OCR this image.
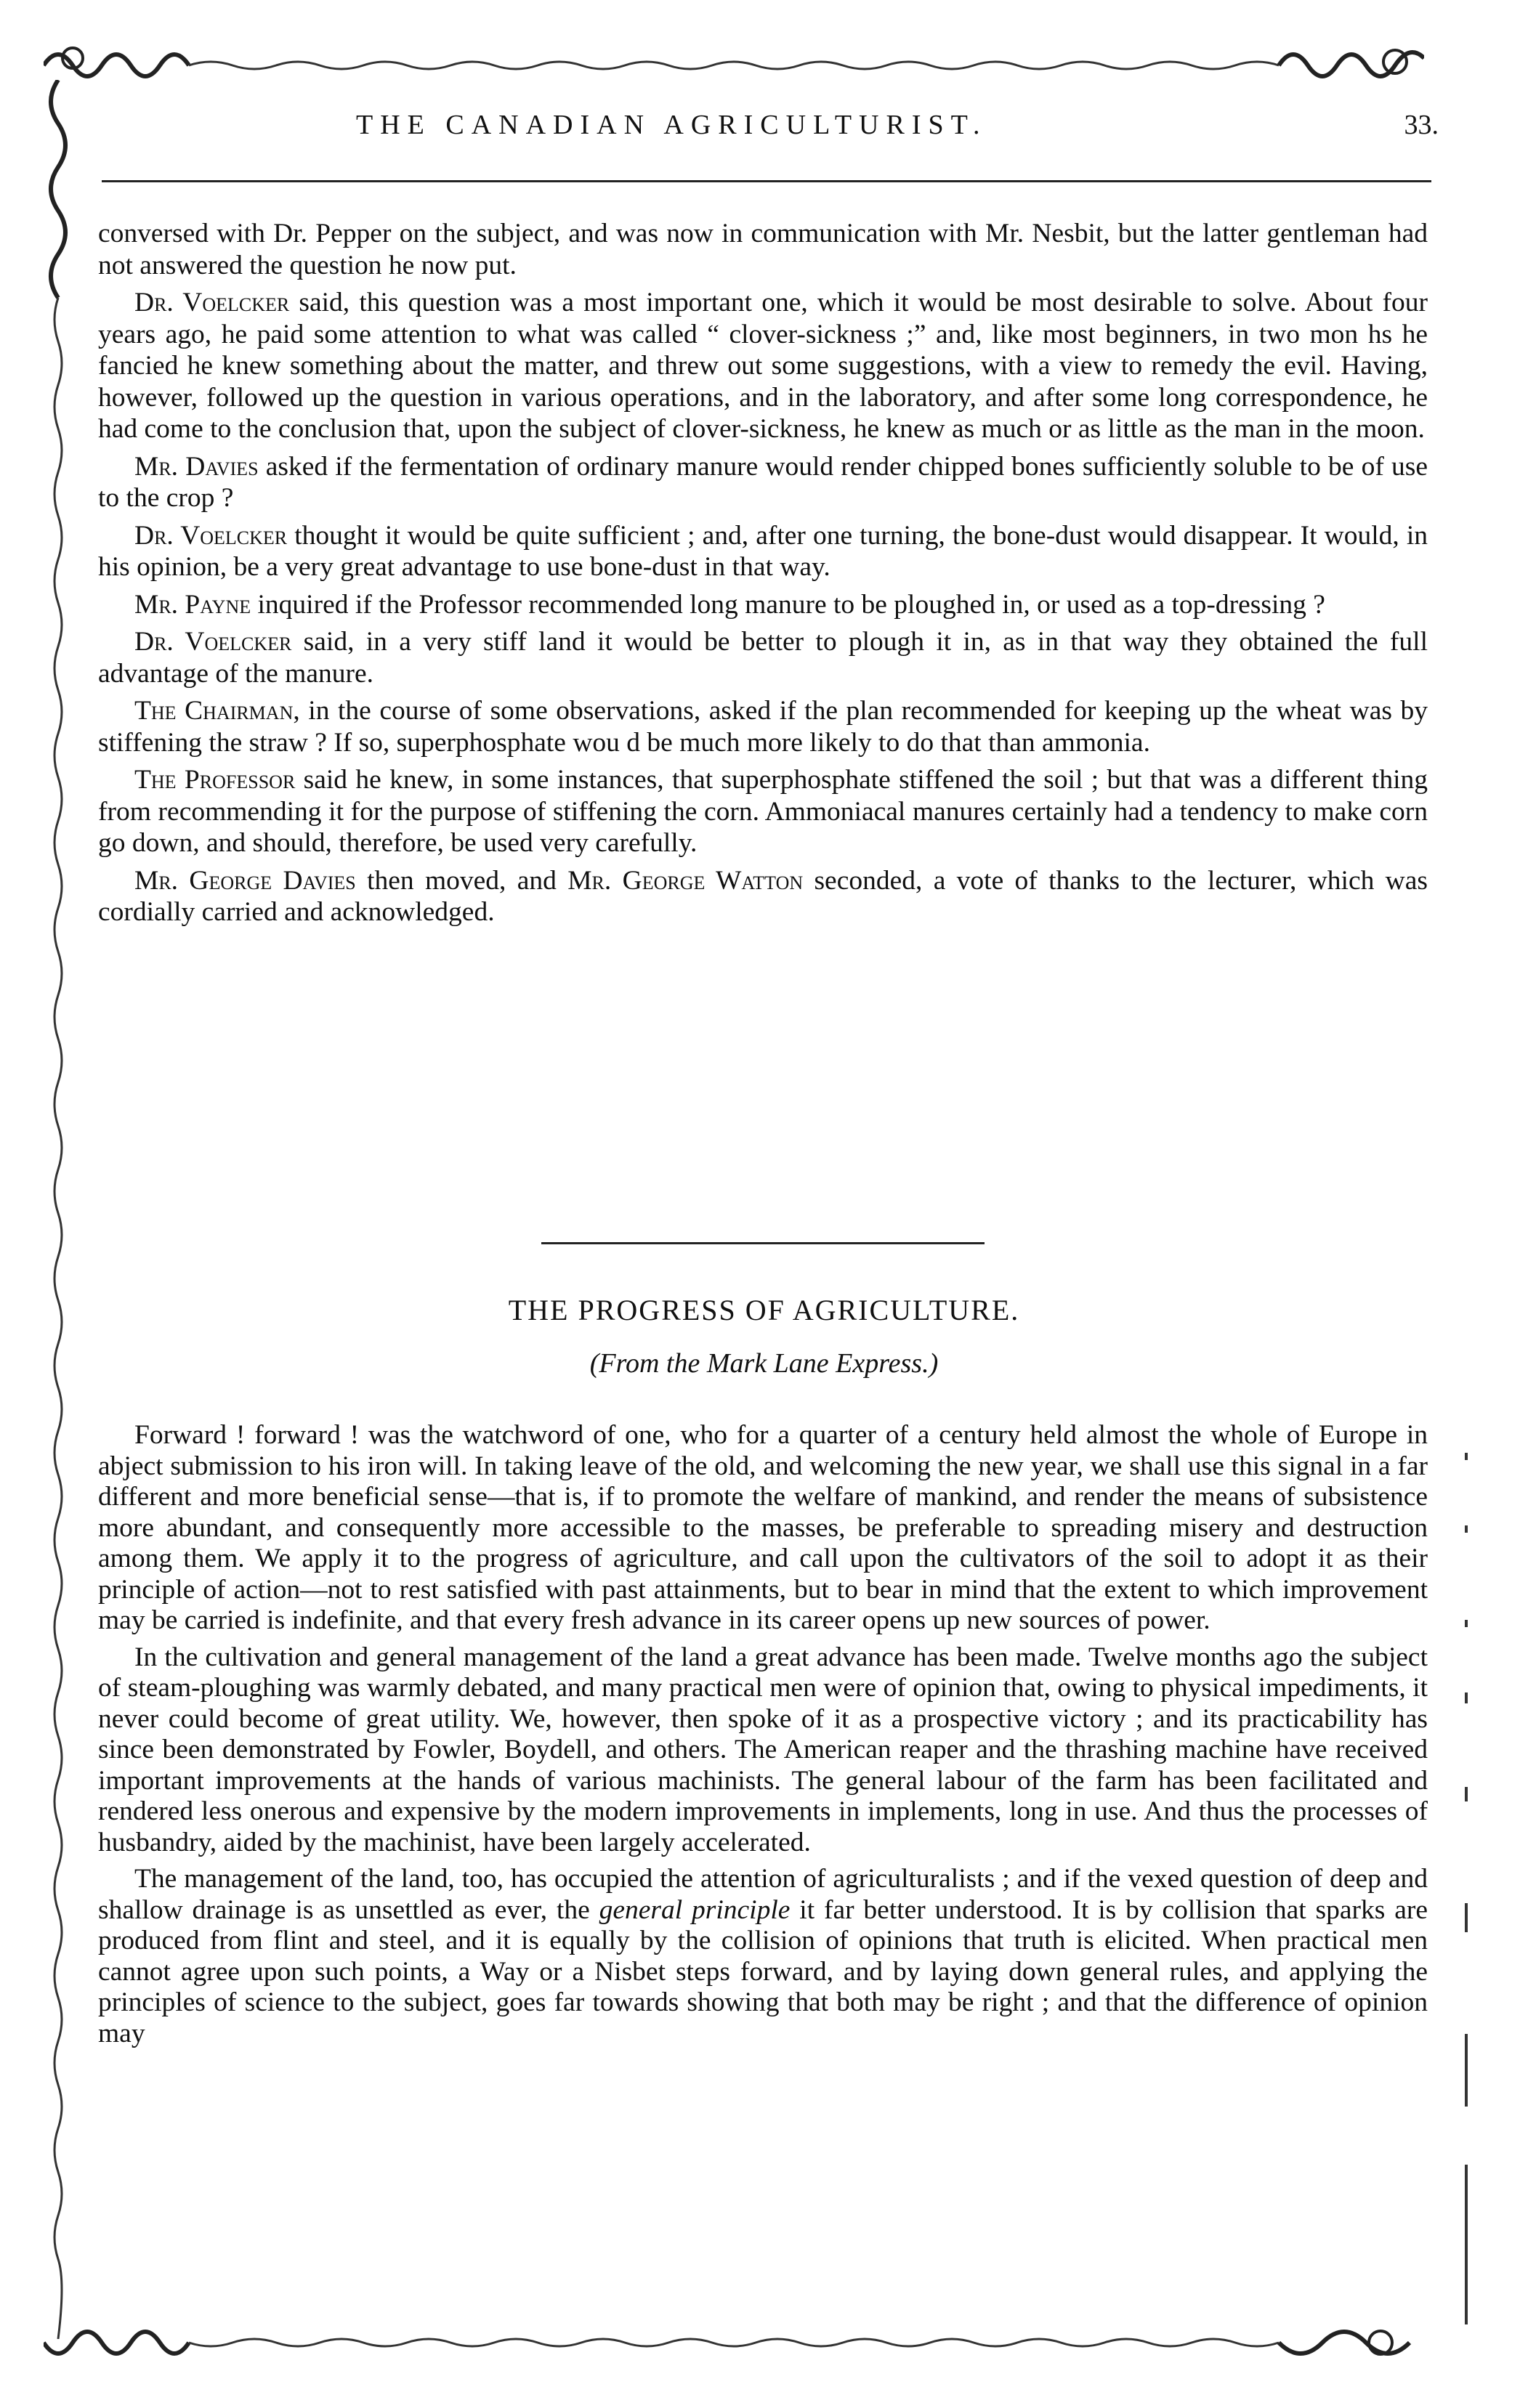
THE CANADIAN AGRICULTURIST.	33.

conversed with Dr. Pepper on the subject, and was now in communication with Mr. Nesbit, but the latter gentleman had not answered the question he now put.

Dr. Voelcker said, this question was a most important one, which it would be most desirable to solve. About four years ago, he paid some attention to what was called “ clover-sickness ;” and, like most beginners, in two mon hs he fancied he knew something about the matter, and threw out some suggestions, with a view to remedy the evil. Having, however, followed up the question in various operations, and in the laboratory, and after some long correspondence, he had come to the conclusion that, upon the subject of clover-sickness, he knew as much or as little as the man in the moon.

Mr. Davies asked if the fermentation of ordinary manure would render chipped bones sufficiently soluble to be of use to the crop ?

Dr. Voelcker thought it would be quite sufficient ; and, after one turning, the bone-dust would disappear. It would, in his opinion, be a very great advantage to use bone-dust in that way.

Mr. Payne inquired if the Professor recommended long manure to be ploughed in, or used as a top-dressing ?

Dr. Voelcker said, in a very stiff land it would be better to plough it in, as in that way they obtained the full advantage of the manure.

The Chairman, in the course of some observations, asked if the plan recommended for keeping up the wheat was by stiffening the straw ? If so, superphosphate wou d be much more likely to do that than ammonia.

The Professor said he knew, in some instances, that superphosphate stiffened the soil ; but that was a different thing from recommending it for the purpose of stiffening the corn. Ammoniacal manures certainly had a tendency to make corn go down, and should, therefore, be used very carefully.

Mr. George Davies then moved, and Mr. George Watton seconded, a vote of thanks to the lecturer, which was cordially carried and acknowledged.

THE PROGRESS OF AGRICULTURE.
(From the Mark Lane Express.)

Forward ! forward ! was the watchword of one, who for a quarter of a century held almost the whole of Europe in abject submission to his iron will. In taking leave of the old, and welcoming the new year, we shall use this signal in a far different and more beneficial sense—that is, if to promote the welfare of mankind, and render the means of subsistence more abundant, and consequently more accessible to the masses, be preferable to spreading misery and destruction among them. We apply it to the progress of agriculture, and call upon the cultivators of the soil to adopt it as their principle of action—not to rest satisfied with past attainments, but to bear in mind that the extent to which improvement may be carried is indefinite, and that every fresh advance in its career opens up new sources of power.

In the cultivation and general management of the land a great advance has been made. Twelve months ago the subject of steam-ploughing was warmly debated, and many practical men were of opinion that, owing to physical impediments, it never could become of great utility. We, however, then spoke of it as a prospective victory ; and its practicability has since been demonstrated by Fowler, Boydell, and others. The American reaper and the thrashing machine have received important improvements at the hands of various machinists. The general labour of the farm has been facilitated and rendered less onerous and expensive by the modern improvements in implements, long in use. And thus the processes of husbandry, aided by the machinist, have been largely accelerated.

The management of the land, too, has occupied the attention of agriculturalists ; and if the vexed question of deep and shallow drainage is as unsettled as ever, the general principle it far better understood. It is by collision that sparks are produced from flint and steel, and it is equally by the collision of opinions that truth is elicited. When practical men cannot agree upon such points, a Way or a Nisbet steps forward, and by laying down general rules, and applying the principles of science to the subject, goes far towards showing that both may be right ; and that the difference of opinion may
